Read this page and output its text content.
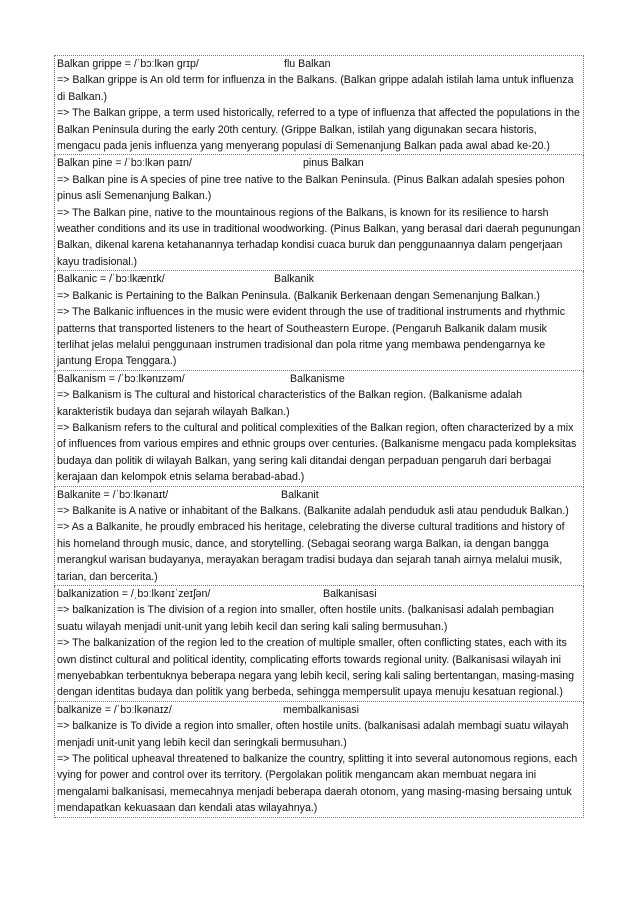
Balkan grippe = /ˈbɔːlkən grɪp/	flu Balkan
=> Balkan grippe is An old term for influenza in the Balkans. (Balkan grippe adalah istilah lama untuk influenza di Balkan.)
=> The Balkan grippe, a term used historically, referred to a type of influenza that affected the populations in the Balkan Peninsula during the early 20th century. (Grippe Balkan, istilah yang digunakan secara historis, mengacu pada jenis influenza yang menyerang populasi di Semenanjung Balkan pada awal abad ke-20.)
Balkan pine = /ˈbɔːlkən paɪn/	pinus Balkan
=> Balkan pine is A species of pine tree native to the Balkan Peninsula. (Pinus Balkan adalah spesies pohon pinus asli Semenanjung Balkan.)
=> The Balkan pine, native to the mountainous regions of the Balkans, is known for its resilience to harsh weather conditions and its use in traditional woodworking. (Pinus Balkan, yang berasal dari daerah pegunungan Balkan, dikenal karena ketahanannya terhadap kondisi cuaca buruk dan penggunaannya dalam pengerjaan kayu tradisional.)
Balkanic = /ˈbɔːlkænɪk/	Balkanik
=> Balkanic is Pertaining to the Balkan Peninsula. (Balkanik Berkenaan dengan Semenanjung Balkan.)
=> The Balkanic influences in the music were evident through the use of traditional instruments and rhythmic patterns that transported listeners to the heart of Southeastern Europe. (Pengaruh Balkanik dalam musik terlihat jelas melalui penggunaan instrumen tradisional dan pola ritme yang membawa pendengarnya ke jantung Eropa Tenggara.)
Balkanism = /ˈbɔːlkənɪzəm/	Balkanisme
=> Balkanism is The cultural and historical characteristics of the Balkan region. (Balkanisme adalah karakteristik budaya dan sejarah wilayah Balkan.)
=> Balkanism refers to the cultural and political complexities of the Balkan region, often characterized by a mix of influences from various empires and ethnic groups over centuries. (Balkanisme mengacu pada kompleksitas budaya dan politik di wilayah Balkan, yang sering kali ditandai dengan perpaduan pengaruh dari berbagai kerajaan dan kelompok etnis selama berabad-abad.)
Balkanite = /ˈbɔːlkənaɪt/	Balkanit
=> Balkanite is A native or inhabitant of the Balkans. (Balkanite adalah penduduk asli atau penduduk Balkan.)
=> As a Balkanite, he proudly embraced his heritage, celebrating the diverse cultural traditions and history of his homeland through music, dance, and storytelling. (Sebagai seorang warga Balkan, ia dengan bangga merangkul warisan budayanya, merayakan beragam tradisi budaya dan sejarah tanah airnya melalui musik, tarian, dan bercerita.)
balkanization = /ˌbɔːlkənɪˈzeɪʃən/	Balkanisasi
=> balkanization is The division of a region into smaller, often hostile units. (balkanisasi adalah pembagian suatu wilayah menjadi unit-unit yang lebih kecil dan sering kali saling bermusuhan.)
=> The balkanization of the region led to the creation of multiple smaller, often conflicting states, each with its own distinct cultural and political identity, complicating efforts towards regional unity. (Balkanisasi wilayah ini menyebabkan terbentuknya beberapa negara yang lebih kecil, sering kali saling bertentangan, masing-masing dengan identitas budaya dan politik yang berbeda, sehingga mempersulit upaya menuju kesatuan regional.)
balkanize = /ˈbɔːlkənaɪz/	membalkanisasi
=> balkanize is To divide a region into smaller, often hostile units. (balkanisasi adalah membagi suatu wilayah menjadi unit-unit yang lebih kecil dan seringkali bermusuhan.)
=> The political upheaval threatened to balkanize the country, splitting it into several autonomous regions, each vying for power and control over its territory. (Pergolakan politik mengancam akan membuat negara ini mengalami balkanisasi, memecahnya menjadi beberapa daerah otonom, yang masing-masing bersaing untuk mendapatkan kekuasaan dan kendali atas wilayahnya.)
